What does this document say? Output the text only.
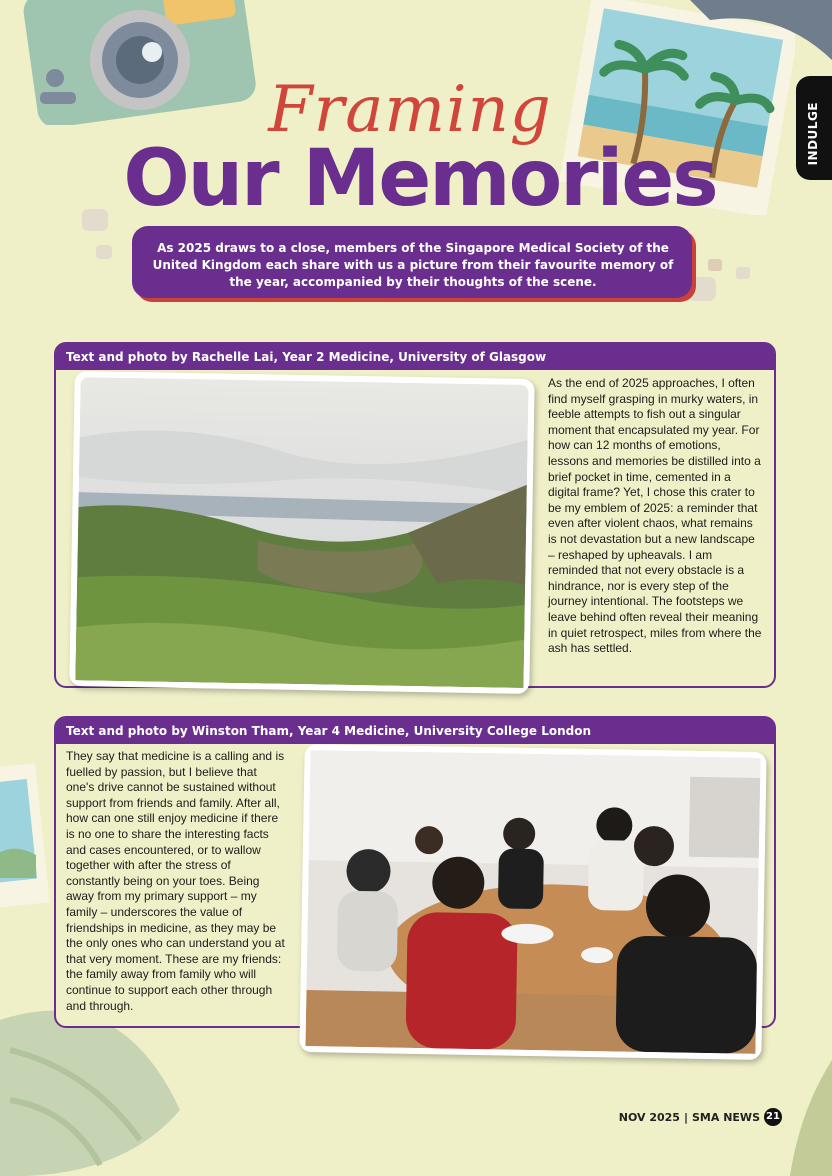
INDULGE
Framing
Our Memories
As 2025 draws to a close, members of the Singapore Medical Society of the United Kingdom each share with us a picture from their favourite memory of the year, accompanied by their thoughts of the scene.
Text and photo by Rachelle Lai, Year 2 Medicine, University of Glasgow
As the end of 2025 approaches, I often find myself grasping in murky waters, in feeble attempts to fish out a singular moment that encapsulated my year. For how can 12 months of emotions, lessons and memories be distilled into a brief pocket in time, cemented in a digital frame? Yet, I chose this crater to be my emblem of 2025: a reminder that even after violent chaos, what remains is not devastation but a new landscape – reshaped by upheavals. I am reminded that not every obstacle is a hindrance, nor is every step of the journey intentional. The footsteps we leave behind often reveal their meaning in quiet retrospect, miles from where the ash has settled.
Text and photo by Winston Tham, Year 4 Medicine, University College London
They say that medicine is a calling and is fuelled by passion, but I believe that one's drive cannot be sustained without support from friends and family. After all, how can one still enjoy medicine if there is no one to share the interesting facts and cases encountered, or to wallow together with after the stress of constantly being on your toes. Being away from my primary support – my family – underscores the value of friendships in medicine, as they may be the only ones who can understand you at that very moment. These are my friends: the family away from family who will continue to support each other through and through.
NOV 2025 | SMA NEWS 21
